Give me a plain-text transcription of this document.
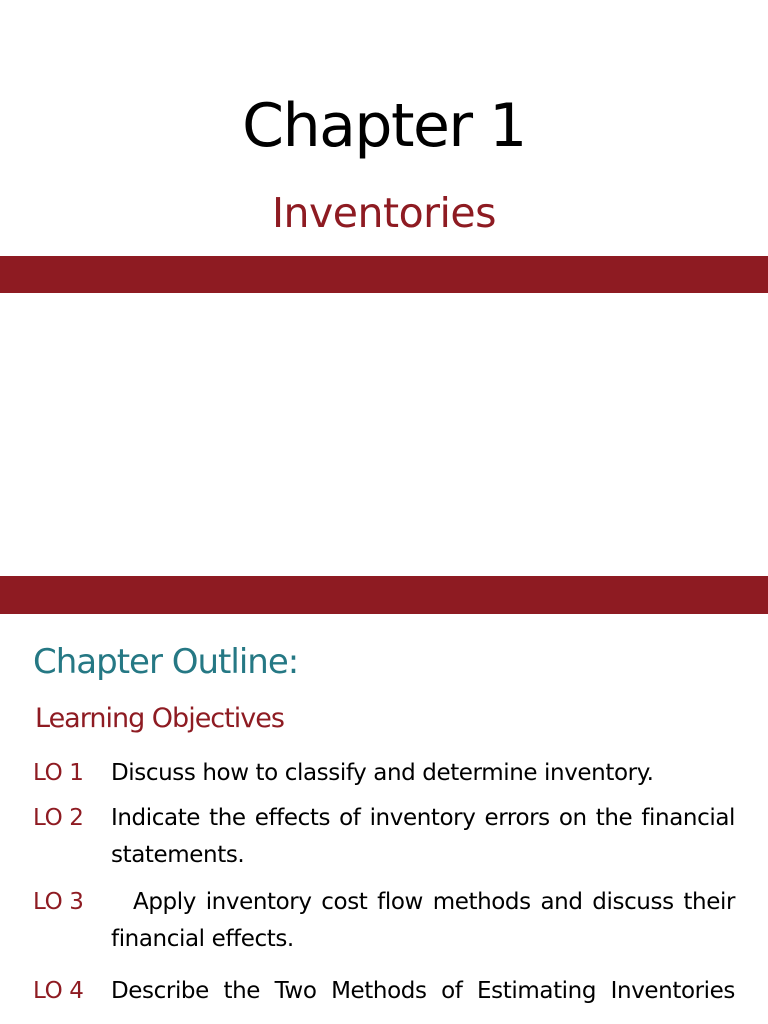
Chapter 1
Inventories
Chapter Outline:
Learning Objectives
LO 1 Discuss how to classify and determine inventory.
LO 2 Indicate the effects of inventory errors on the financial statements.
LO 3	Apply inventory cost flow methods and discuss their financial effects.
LO 4 Describe the Two Methods of Estimating Inventories
